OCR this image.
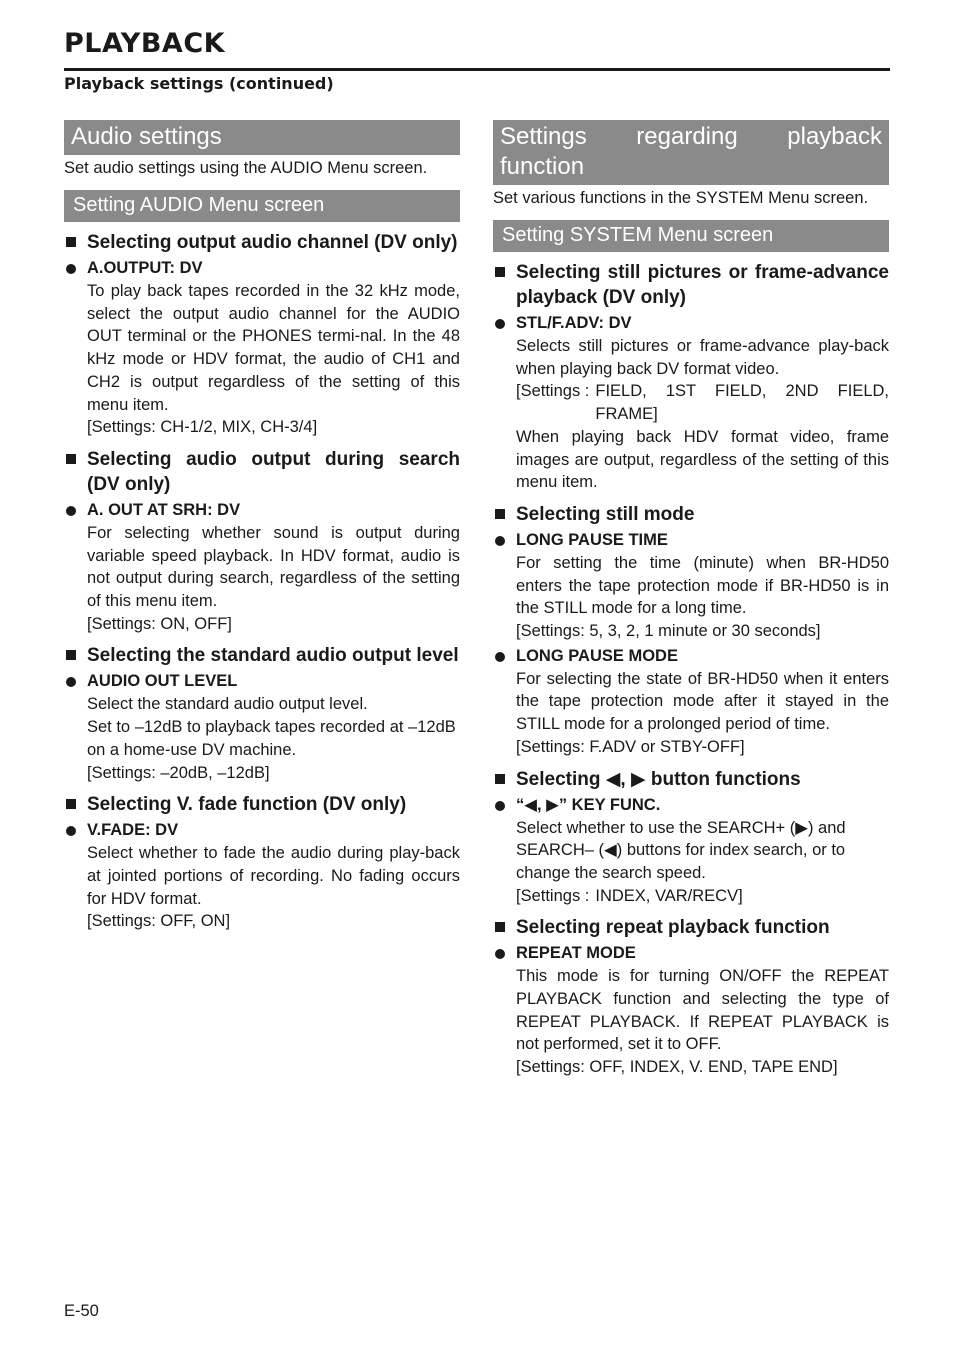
PLAYBACK
Playback settings (continued)
Audio settings
Set audio settings using the AUDIO Menu screen.
Setting AUDIO Menu screen
Selecting output audio channel (DV only)
A.OUTPUT: DV

To play back tapes recorded in the 32 kHz mode, select the output audio channel for the AUDIO OUT terminal or the PHONES termi-nal. In the 48 kHz mode or HDV format, the audio of CH1 and CH2 is output regardless of the setting of this menu item.

[Settings: CH-1/2, MIX, CH-3/4]

Selecting audio output during search (DV only)
A. OUT AT SRH: DV

For selecting whether sound is output during variable speed playback. In HDV format, audio is not output during search, regardless of the setting of this menu item.

[Settings: ON, OFF]

Selecting the standard audio output level
AUDIO OUT LEVEL

Select the standard audio output level.

Set to –12dB to playback tapes recorded at –12dB on a home-use DV machine.

[Settings: –20dB, –12dB]

Selecting V. fade function (DV only)
V.FADE: DV

Select whether to fade the audio during play-back at jointed portions of recording. No fading occurs for HDV format.

[Settings: OFF, ON]

Settings regarding playback function
Set various functions in the SYSTEM Menu screen.
Setting SYSTEM Menu screen
Selecting still pictures or frame-advance playback (DV only)
STL/F.ADV: DV

Selects still pictures or frame-advance play-back when playing back DV format video.

[Settings : FIELD, 1ST FIELD, 2ND FIELD, FRAME]

When playing back HDV format video, frame images are output, regardless of the setting of this menu item.

Selecting still mode
LONG PAUSE TIME

For setting the time (minute) when BR-HD50 enters the tape protection mode if BR-HD50 is in the STILL mode for a long time.

[Settings: 5, 3, 2, 1 minute or 30 seconds]

LONG PAUSE MODE

For selecting the state of BR-HD50 when it enters the tape protection mode after it stayed in the STILL mode for a prolonged period of time.

[Settings: F.ADV or STBY-OFF]

Selecting ◀, ▶ button functions
“◀, ▶” KEY FUNC.

Select whether to use the SEARCH+ (▶) and SEARCH– (◀) buttons for index search, or to change the search speed.

[Settings : INDEX, VAR/RECV]
Selecting repeat playback function
REPEAT MODE

This mode is for turning ON/OFF the REPEAT PLAYBACK function and selecting the type of REPEAT PLAYBACK. If REPEAT PLAYBACK is not performed, set it to OFF.

[Settings: OFF, INDEX, V. END, TAPE END]

E-50
